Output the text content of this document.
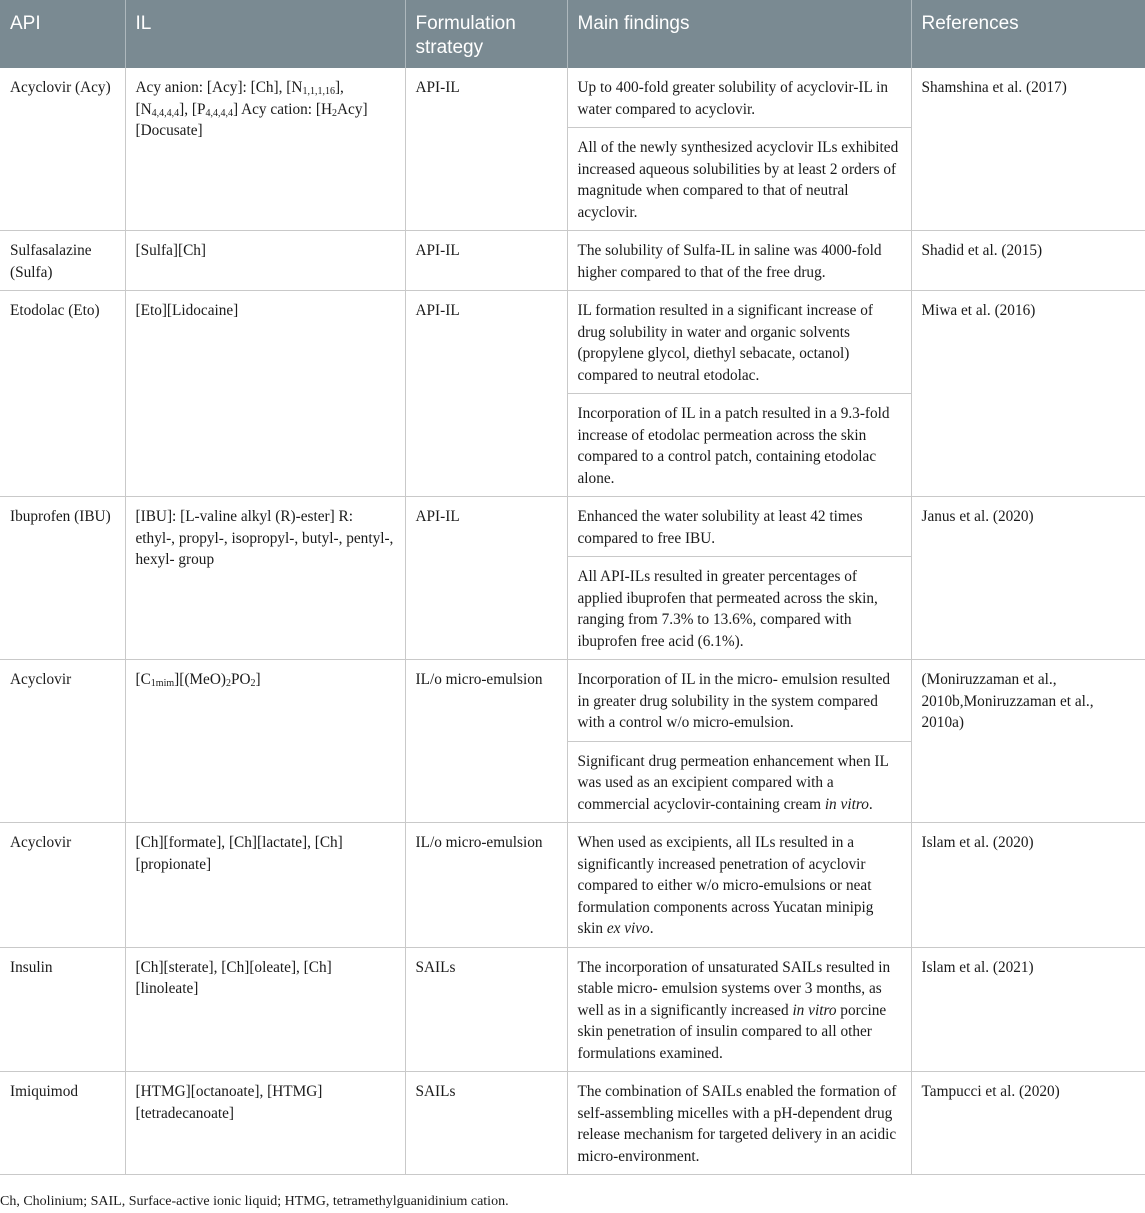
API	IL	Formulation strategy	Main findings	References
Acyclovir (Acy)	Acy anion: [Acy]: [Ch], $[N_{1,1,1,16}]$, $[N_{4,4,4,4}]$, $[P_{4,4,4,4}]$ Acy cation: $[H_2Acy][Docusate]$	API-IL	Up to 400-fold greater solubility of acyclovir-IL in water compared to acyclovir.	Shamshina et al. (2017)
			All of the newly synthesized acyclovir ILs exhibited increased aqueous solubilities by at least 2 orders of magnitude when compared to that of neutral acyclovir.	
Sulfasalazine (Sulfa)	[Sulfa][Ch]	API-IL	The solubility of Sulfa-IL in saline was 4000-fold higher compared to that of the free drug.	Shadid et al. (2015)
Etodolac (Eto)	[Eto][Lidocaine]	API-IL	IL formation resulted in a significant increase of drug solubility in water and organic solvents (propylene glycol, diethyl sebacate, octanol) compared to neutral etodolac.	Miwa et al. (2016)
			Incorporation of IL in a patch resulted in a 9.3-fold increase of etodolac permeation across the skin compared to a control patch, containing etodolac alone.	
Ibuprofen (IBU)	[IBU]: [L-valine alkyl (R)-ester] R: ethyl-, propyl-, isopropyl-, butyl-, pentyl-, hexyl- group	API-IL	Enhanced the water solubility at least 42 times compared to free IBU.	Janus et al. (2020)
			All API-ILs resulted in greater percentages of applied ibuprofen that permeated across the skin, ranging from 7.3% to 13.6%, compared with ibuprofen free acid (6.1%).	
Acyclovir	$[C_{1mim}][(MeO)_2PO_2]$	IL/o micro-emulsion	Incorporation of IL in the micro- emulsion resulted in greater drug solubility in the system compared with a control w/o micro-emulsion.	(Moniruzzaman et al., 2010b,Moniruzzaman et al., 2010a)
			Significant drug permeation enhancement when IL was used as an excipient compared with a commercial acyclovir-containing cream in vitro.	
Acyclovir	[Ch][formate], [Ch][lactate], [Ch][propionate]	IL/o micro-emulsion	When used as excipients, all ILs resulted in a significantly increased penetration of acyclovir compared to either w/o micro-emulsions or neat formulation components across Yucatan minipig skin ex vivo.	Islam et al. (2020)
Insulin	[Ch][sterate], [Ch][oleate], [Ch][linoleate]	SAILs	The incorporation of unsaturated SAILs resulted in stable micro- emulsion systems over 3 months, as well as in a significantly increased in vitro porcine skin penetration of insulin compared to all other formulations examined.	Islam et al. (2021)
Imiquimod	[HTMG][octanoate], [HTMG][tetradecanoate]	SAILs	The combination of SAILs enabled the formation of self-assembling micelles with a pH-dependent drug release mechanism for targeted delivery in an acidic micro-environment.	Tampucci et al. (2020)
Ch, Cholinium; SAIL, Surface-active ionic liquid; HTMG, tetramethylguanidinium cation.
